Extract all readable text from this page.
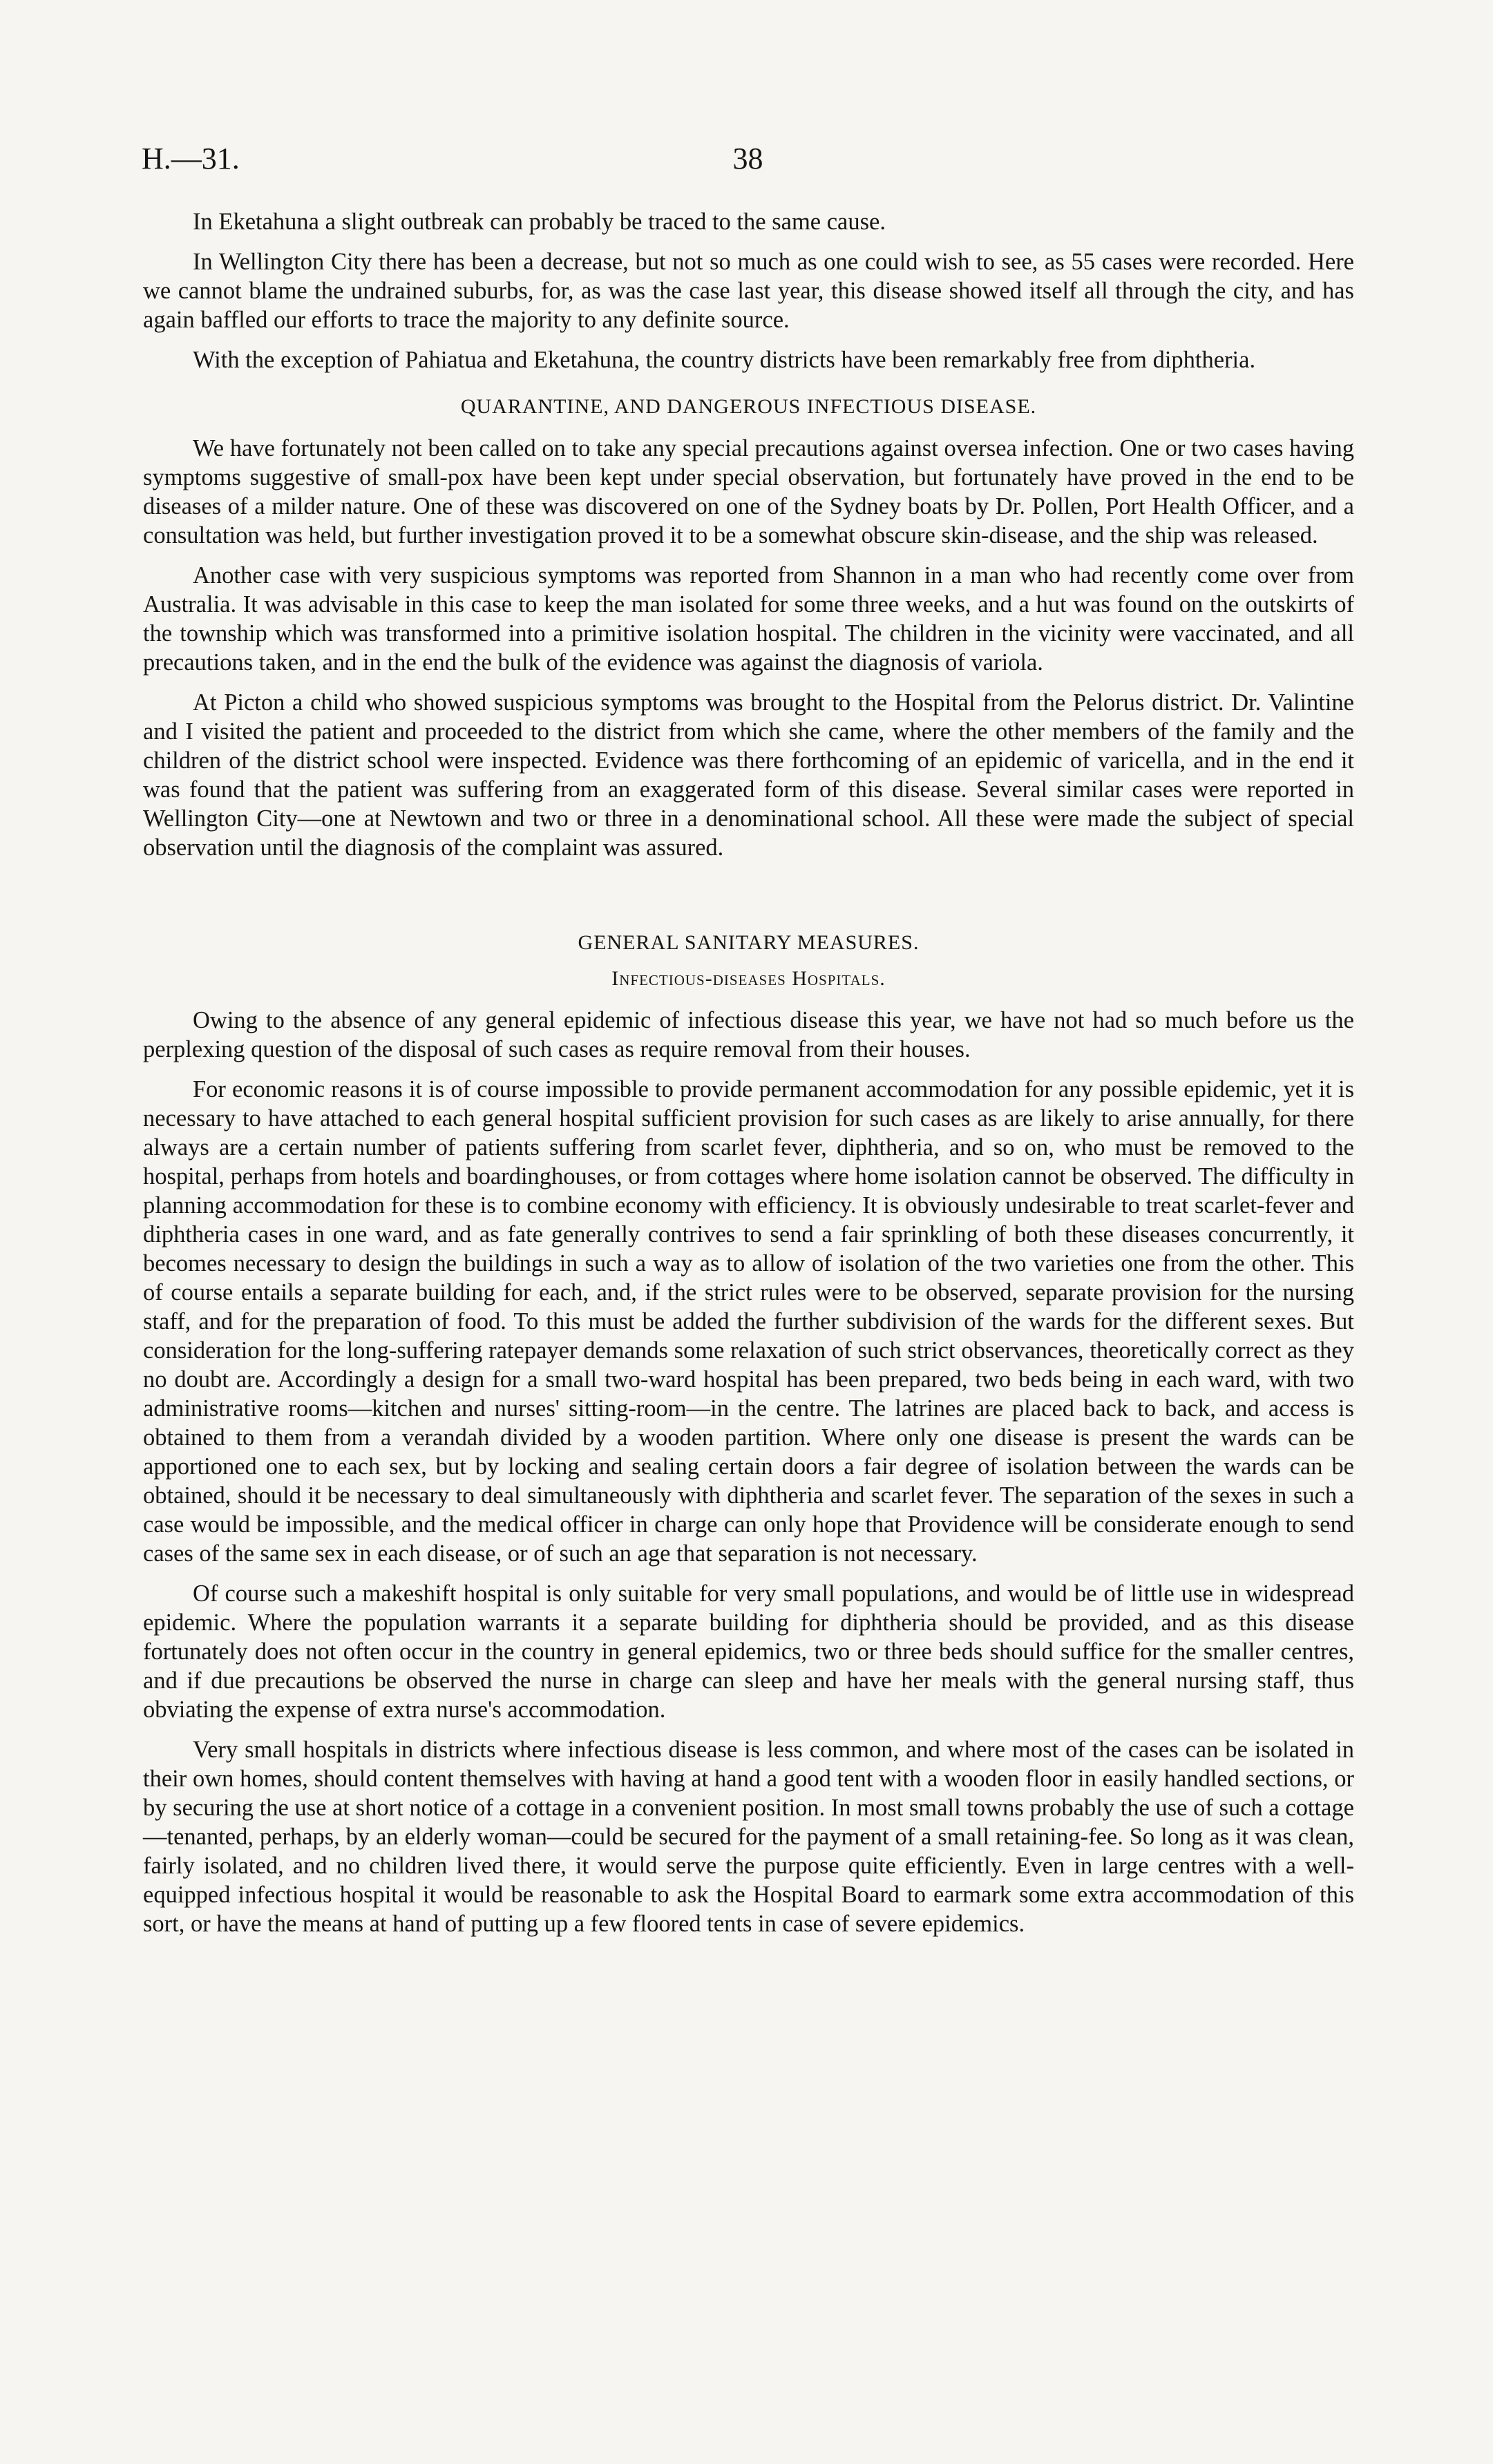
H.—31.	38

In Eketahuna a slight outbreak can probably be traced to the same cause.

In Wellington City there has been a decrease, but not so much as one could wish to see, as 55 cases were recorded. Here we cannot blame the undrained suburbs, for, as was the case last year, this disease showed itself all through the city, and has again baffled our efforts to trace the majority to any definite source.

With the exception of Pahiatua and Eketahuna, the country districts have been remarkably free from diphtheria.

QUARANTINE, AND DANGEROUS INFECTIOUS DISEASE.

We have fortunately not been called on to take any special precautions against oversea infection. One or two cases having symptoms suggestive of small-pox have been kept under special observation, but fortunately have proved in the end to be diseases of a milder nature. One of these was discovered on one of the Sydney boats by Dr. Pollen, Port Health Officer, and a consultation was held, but further investigation proved it to be a somewhat obscure skin-disease, and the ship was released.

Another case with very suspicious symptoms was reported from Shannon in a man who had recently come over from Australia. It was advisable in this case to keep the man isolated for some three weeks, and a hut was found on the outskirts of the township which was transformed into a primitive isolation hospital. The children in the vicinity were vaccinated, and all precautions taken, and in the end the bulk of the evidence was against the diagnosis of variola.

At Picton a child who showed suspicious symptoms was brought to the Hospital from the Pelorus district. Dr. Valintine and I visited the patient and proceeded to the district from which she came, where the other members of the family and the children of the district school were inspected. Evidence was there forthcoming of an epidemic of varicella, and in the end it was found that the patient was suffering from an exaggerated form of this disease. Several similar cases were reported in Wellington City—one at Newtown and two or three in a denominational school. All these were made the subject of special observation until the diagnosis of the complaint was assured.

GENERAL SANITARY MEASURES.
Infectious-diseases Hospitals.

Owing to the absence of any general epidemic of infectious disease this year, we have not had so much before us the perplexing question of the disposal of such cases as require removal from their houses.

For economic reasons it is of course impossible to provide permanent accommodation for any possible epidemic, yet it is necessary to have attached to each general hospital sufficient provision for such cases as are likely to arise annually, for there always are a certain number of patients suffering from scarlet fever, diphtheria, and so on, who must be removed to the hospital, perhaps from hotels and boardinghouses, or from cottages where home isolation cannot be observed. The difficulty in planning accommodation for these is to combine economy with efficiency. It is obviously undesirable to treat scarlet-fever and diphtheria cases in one ward, and as fate generally contrives to send a fair sprinkling of both these diseases concurrently, it becomes necessary to design the buildings in such a way as to allow of isolation of the two varieties one from the other. This of course entails a separate building for each, and, if the strict rules were to be observed, separate provision for the nursing staff, and for the preparation of food. To this must be added the further subdivision of the wards for the different sexes. But consideration for the long-suffering ratepayer demands some relaxation of such strict observances, theoretically correct as they no doubt are. Accordingly a design for a small two-ward hospital has been prepared, two beds being in each ward, with two administrative rooms—kitchen and nurses' sitting-room—in the centre. The latrines are placed back to back, and access is obtained to them from a verandah divided by a wooden partition. Where only one disease is present the wards can be apportioned one to each sex, but by locking and sealing certain doors a fair degree of isolation between the wards can be obtained, should it be necessary to deal simultaneously with diphtheria and scarlet fever. The separation of the sexes in such a case would be impossible, and the medical officer in charge can only hope that Providence will be considerate enough to send cases of the same sex in each disease, or of such an age that separation is not necessary.

Of course such a makeshift hospital is only suitable for very small populations, and would be of little use in widespread epidemic. Where the population warrants it a separate building for diphtheria should be provided, and as this disease fortunately does not often occur in the country in general epidemics, two or three beds should suffice for the smaller centres, and if due precautions be observed the nurse in charge can sleep and have her meals with the general nursing staff, thus obviating the expense of extra nurse's accommodation.

Very small hospitals in districts where infectious disease is less common, and where most of the cases can be isolated in their own homes, should content themselves with having at hand a good tent with a wooden floor in easily handled sections, or by securing the use at short notice of a cottage in a convenient position. In most small towns probably the use of such a cottage—tenanted, perhaps, by an elderly woman—could be secured for the payment of a small retaining-fee. So long as it was clean, fairly isolated, and no children lived there, it would serve the purpose quite efficiently. Even in large centres with a well-equipped infectious hospital it would be reasonable to ask the Hospital Board to earmark some extra accommodation of this sort, or have the means at hand of putting up a few floored tents in case of severe epidemics.
